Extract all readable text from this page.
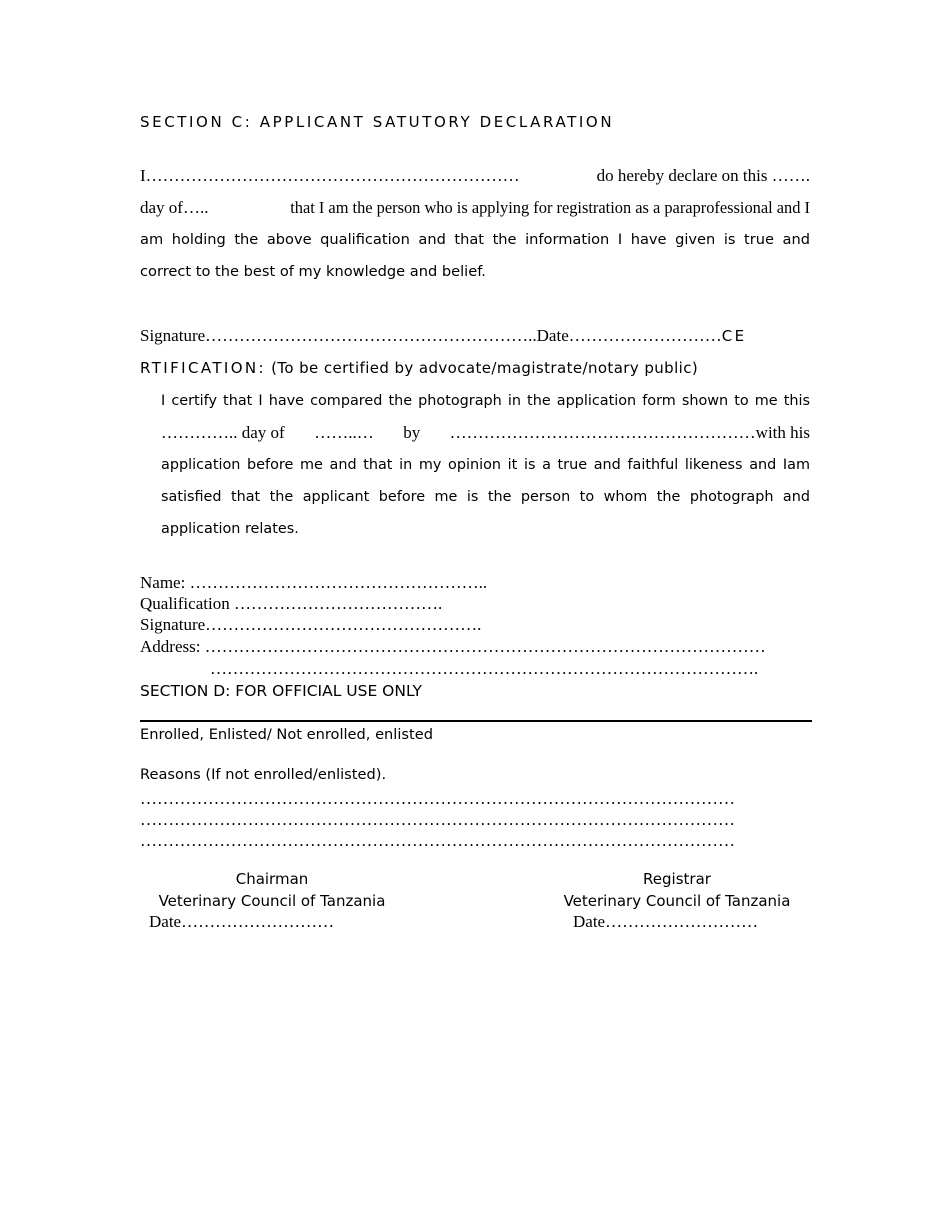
SECTION C: APPLICANT SATUTORY DECLARATION
I…………………………………………………………	do hereby declare on this …….
day of…..	that I am the person who is applying for registration as a paraprofessional and I
am holding the above qualification and that the information I have given is true and
correct to the best of my knowledge and belief.
Signature…………………………………………………..Date………………………CE
RTIFICATION: (To be certified by advocate/magistrate/notary public)
I certify that I have compared the photograph in the application form shown to me this
………….. day of ……..… by ………………………………………………with his
application before me and that in my opinion it is a true and faithful likeness and Iam
satisfied that the applicant before me is the person to whom the photograph and
application relates.
Name: ……………………………………………..
Qualification ……………………………….
Signature………………………………………….
Address: ………………………………………………………………………………………
…………………………………………………………………………………….
SECTION D: FOR OFFICIAL USE ONLY
Enrolled, Enlisted/ Not enrolled, enlisted
Reasons (If not enrolled/enlisted).
……………………………………………………………………………………………
……………………………………………………………………………………………
……………………………………………………………………………………………
Chairman
Veterinary Council of Tanzania
Date………………………
Registrar
Veterinary Council of Tanzania
Date………………………
